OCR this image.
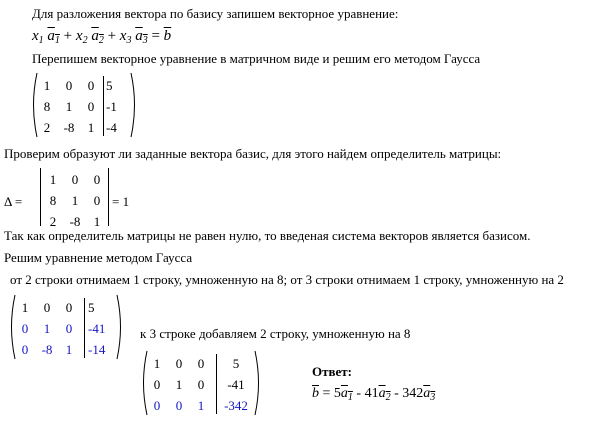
Для разложения вектора по базису запишем векторное уравнение:
$x_1$ $\overline{a}_1 + x_2$ $\overline{a}_2 + x_3$ $\overline{a}_3 = \overline{b}$
Перепишем векторное уравнение в матричном виде и решим его методом Гаусса
1	0	0 5
8	1	0 -1
2	-8	1 -4
Проверим образуют ли заданные вектора базис, для этого найдем определитель матрицы:
Δ =
1	0	0
8	1	0
2	-8	1
= 1
Так как определитель матрицы не равен нулю, то введеная система векторов является базисом.
Решим уравнение методом Гаусса
от 2 строки отнимаем 1 строку, умноженную на 8; от 3 строки отнимаем 1 строку, умноженную на 2
1	0	0	5
0	1	0	-41
0	-8	1	-14
к 3 строке добавляем 2 строку, умноженную на 8
1	0	0	5
0	1	0	-41
0	0	1	-342
Ответ:
$\overline{b} = 5\overline{a}_1 - 41\overline{a}_2 - 342\overline{a}_3$
